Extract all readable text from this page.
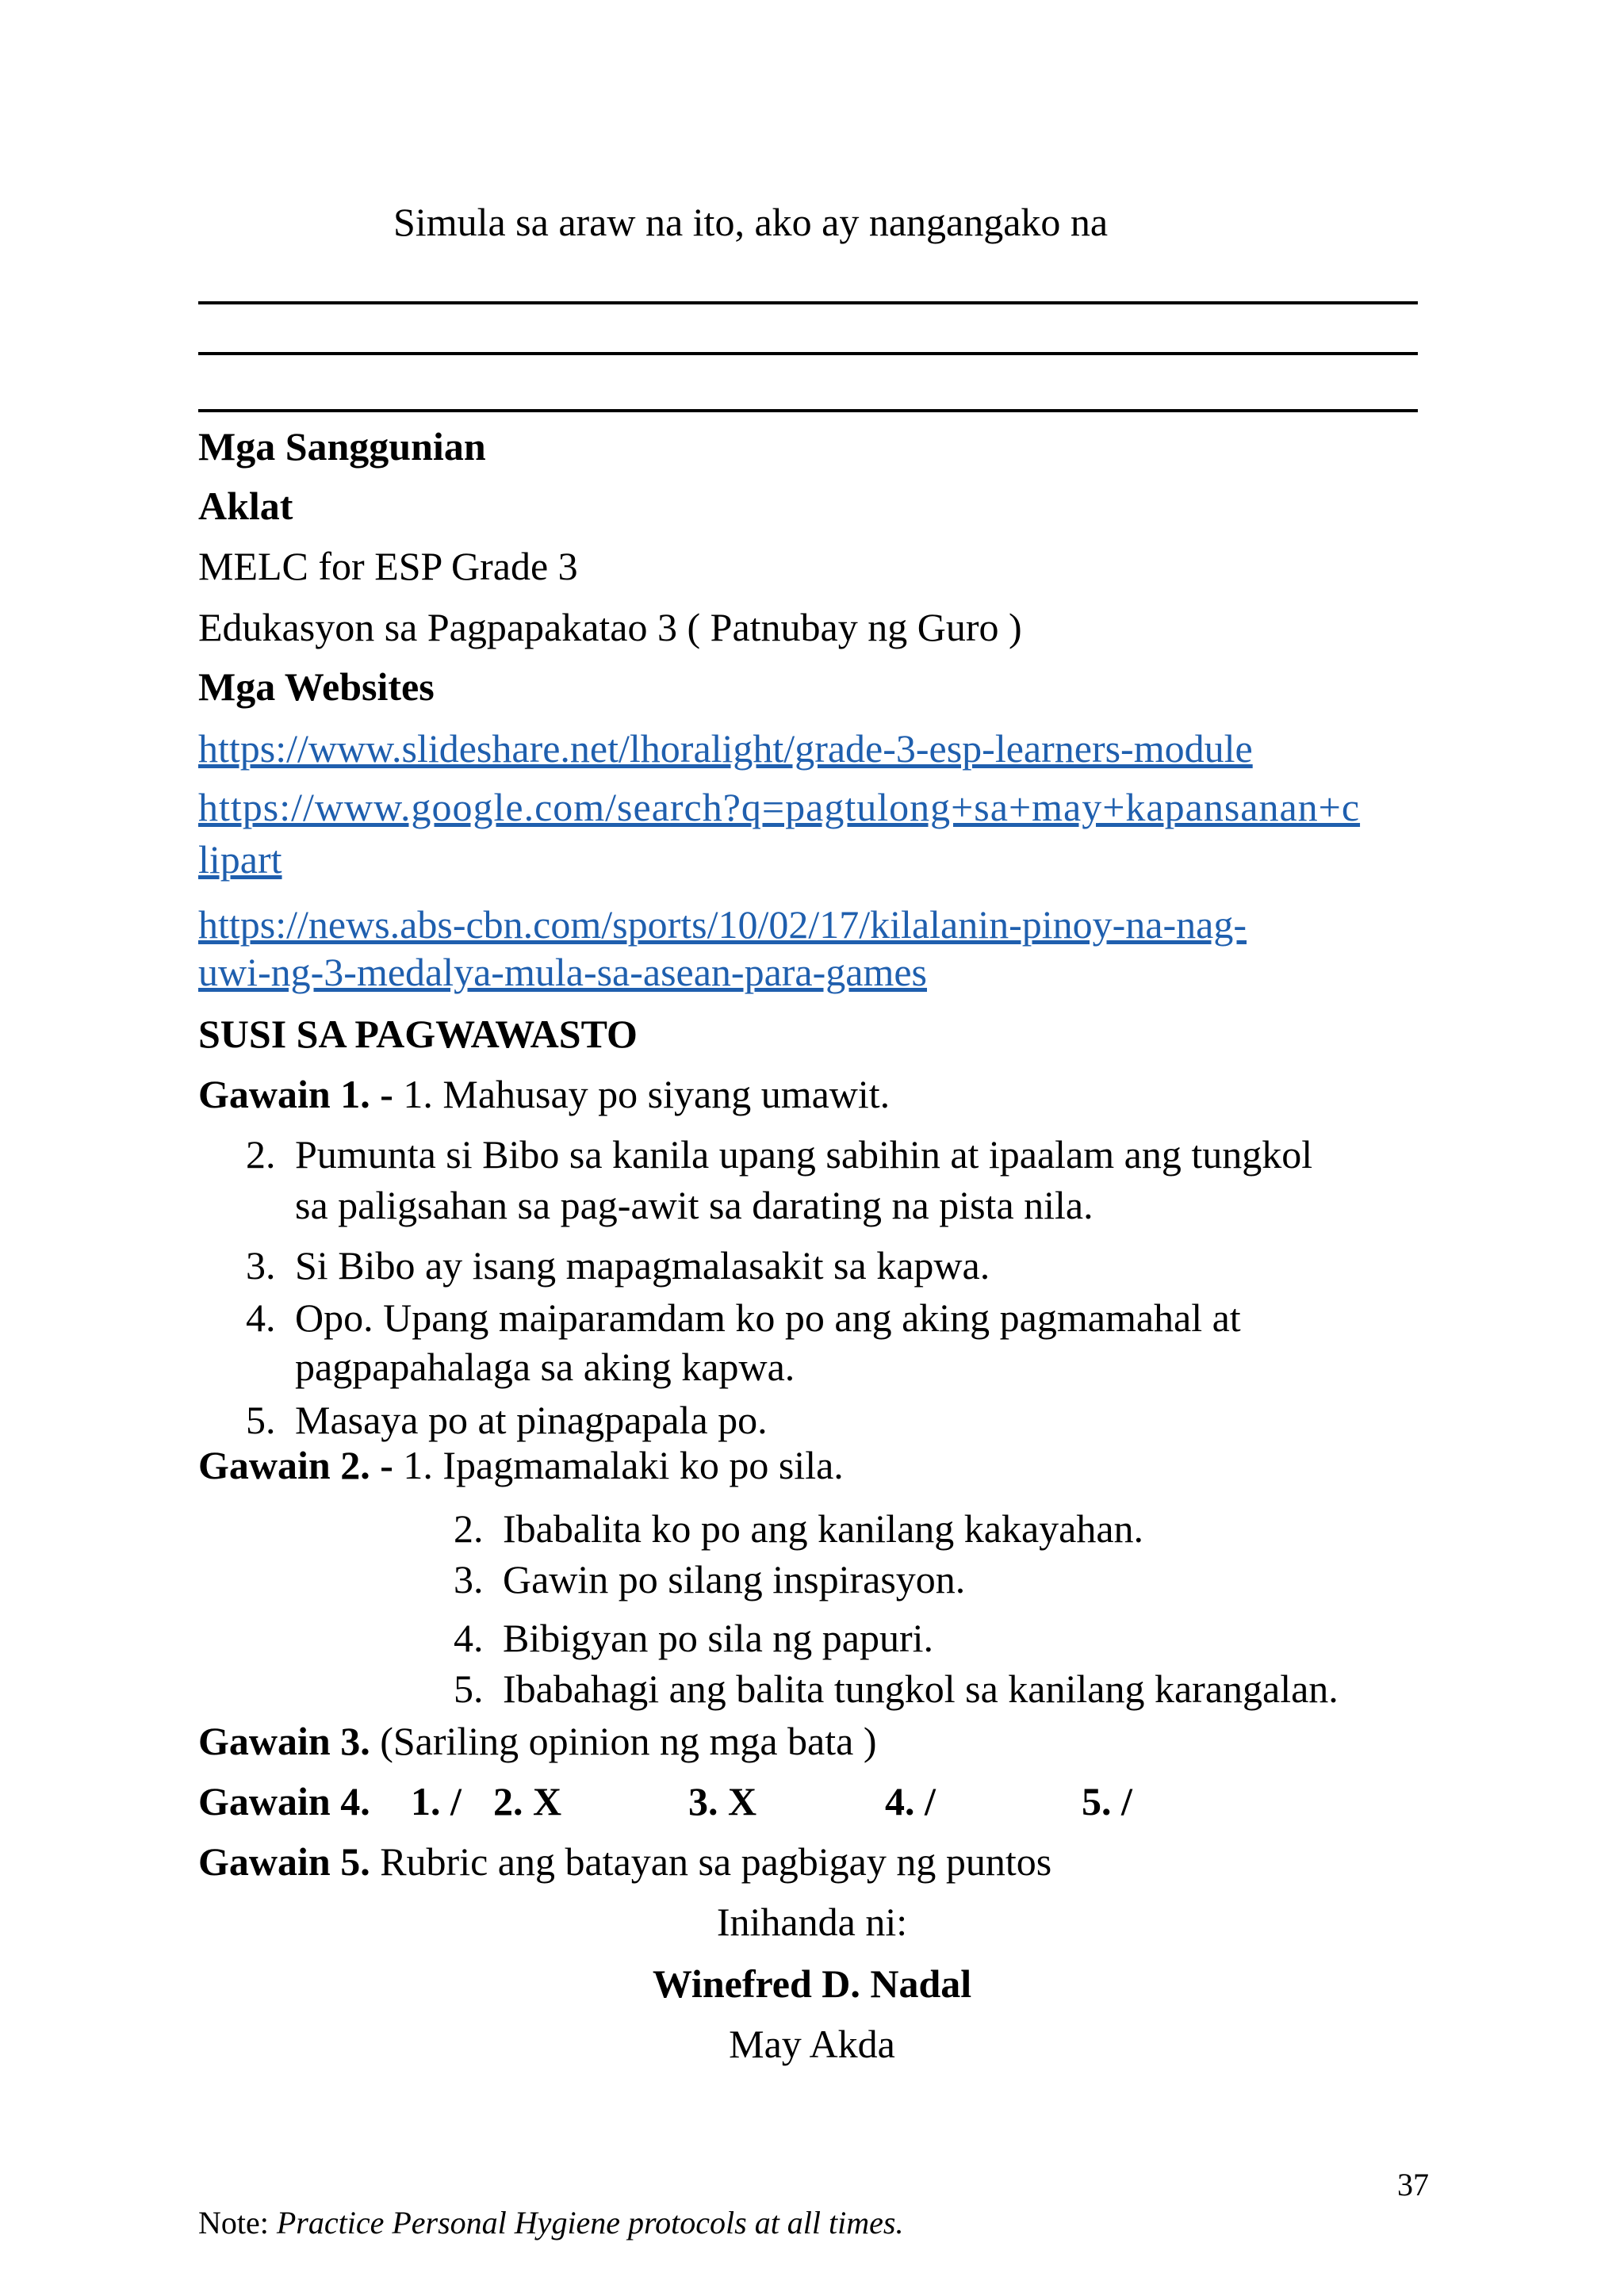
Simula sa araw na ito, ako ay nangangako na
Mga Sanggunian
Aklat
MELC for ESP Grade 3
Edukasyon sa Pagpapakatao 3 ( Patnubay ng Guro )
Mga Websites
https://www.slideshare.net/lhoralight/grade-3-esp-learners-module
https://www.google.com/search?q=pagtulong+sa+may+kapansanan+c
lipart
https://news.abs-cbn.com/sports/10/02/17/kilalanin-pinoy-na-nag-
uwi-ng-3-medalya-mula-sa-asean-para-games
SUSI SA PAGWAWASTO
Gawain 1. - 1. Mahusay po siyang umawit.
2. Pumunta si Bibo sa kanila upang sabihin at ipaalam ang tungkol
sa paligsahan sa pag-awit sa darating na pista nila.
3. Si Bibo ay isang mapagmalasakit sa kapwa.
4. Opo. Upang maiparamdam ko po ang aking pagmamahal at
pagpapahalaga sa aking kapwa.
5. Masaya po at pinagpapala po.
Gawain 2. - 1. Ipagmamalaki ko po sila.
2. Ibabalita ko po ang kanilang kakayahan.
3. Gawin po silang inspirasyon.
4. Bibigyan po sila ng papuri.
5. Ibabahagi ang balita tungkol sa kanilang karangalan.
Gawain 3. (Sariling opinion ng mga bata )
Gawain 4. 1. / 2. X	3. X	4. /	5. /
Gawain 5. Rubric ang batayan sa pagbigay ng puntos
Inihanda ni:
Winefred D. Nadal
May Akda
37
Note: Practice Personal Hygiene protocols at all times.
